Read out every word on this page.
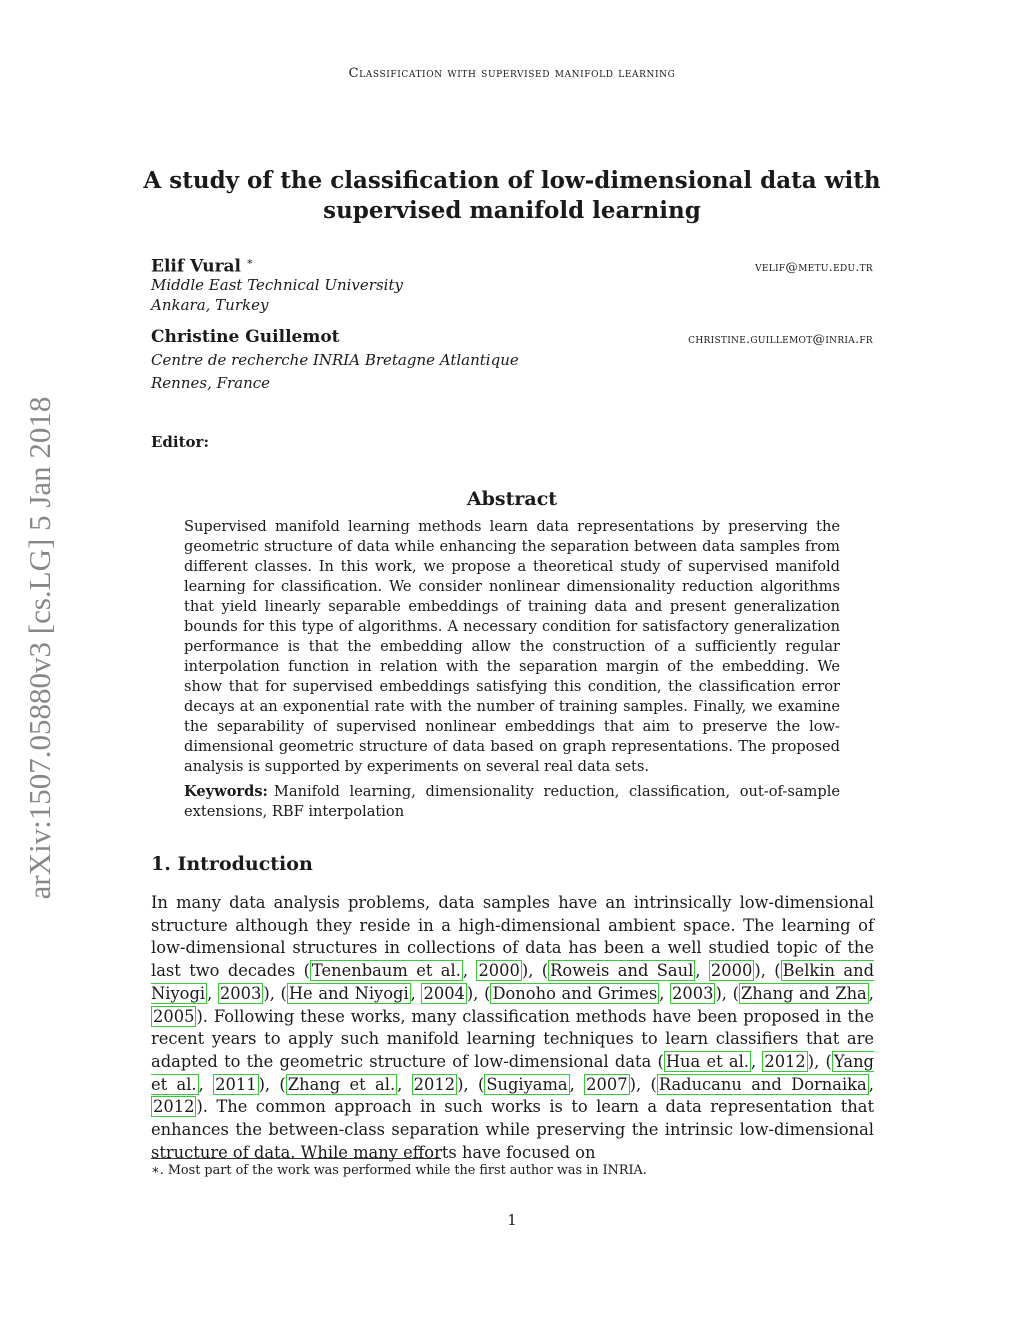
arXiv:1507.05880v3 [cs.LG] 5 Jan 2018
Classification with supervised manifold learning
A study of the classification of low-dimensional data with supervised manifold learning
Elif Vural ∗	velif@metu.edu.tr
Middle East Technical University
Ankara, Turkey
Christine Guillemot	christine.guillemot@inria.fr
Centre de recherche INRIA Bretagne Atlantique
Rennes, France
Editor:
Abstract
Supervised manifold learning methods learn data representations by preserving the geometric structure of data while enhancing the separation between data samples from different classes. In this work, we propose a theoretical study of supervised manifold learning for classification. We consider nonlinear dimensionality reduction algorithms that yield linearly separable embeddings of training data and present generalization bounds for this type of algorithms. A necessary condition for satisfactory generalization performance is that the embedding allow the construction of a sufficiently regular interpolation function in relation with the separation margin of the embedding. We show that for supervised embeddings satisfying this condition, the classification error decays at an exponential rate with the number of training samples. Finally, we examine the separability of supervised nonlinear embeddings that aim to preserve the low-dimensional geometric structure of data based on graph representations. The proposed analysis is supported by experiments on several real data sets.
Keywords: Manifold learning, dimensionality reduction, classification, out-of-sample extensions, RBF interpolation
1. Introduction
In many data analysis problems, data samples have an intrinsically low-dimensional structure although they reside in a high-dimensional ambient space. The learning of low-dimensional structures in collections of data has been a well studied topic of the last two decades ( Tenenbaum et al. , 2000 ), ( Roweis and Saul , 2000 ), ( Belkin and Niyogi , 2003 ), ( He and Niyogi , 2004 ), ( Donoho and Grimes , 2003 ), ( Zhang and Zha , 2005 ). Following these works, many classification methods have been proposed in the recent years to apply such manifold learning techniques to learn classifiers that are adapted to the geometric structure of low-dimensional data ( Hua et al. , 2012 ), ( Yang et al. , 2011 ), ( Zhang et al. , 2012 ), ( Sugiyama , 2007 ), ( Raducanu and Dornaika , 2012 ). The common approach in such works is to learn a data representation that enhances the between-class separation while preserving the intrinsic low-dimensional structure of data. While many efforts have focused on
∗. Most part of the work was performed while the first author was in INRIA.
1
